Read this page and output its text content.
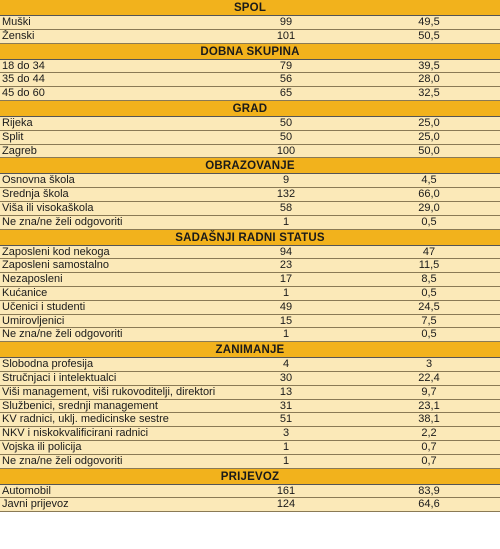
SPOL
Muški	99	49,5
Ženski	101	50,5
DOBNA SKUPINA
18 do 34	79	39,5
35 do 44	56	28,0
45 do 60	65	32,5
GRAD
Rijeka	50	25,0
Split	50	25,0
Zagreb	100	50,0
OBRAZOVANJE
Osnovna škola	9	4,5
Srednja škola	132	66,0
Viša ili visokaškola	58	29,0
Ne zna/ne želi odgovoriti	1	0,5
SADAŠNJI RADNI STATUS
Zaposleni kod nekoga	94	47
Zaposleni samostalno	23	11,5
Nezaposleni	17	8,5
Kućanice	1	0,5
Učenici i studenti	49	24,5
Umirovljenici	15	7,5
Ne zna/ne želi odgovoriti	1	0,5
ZANIMANJE
Slobodna profesija	4	3
Stručnjaci i intelektualci	30	22,4
Viši management, viši rukovoditelji, direktori	13	9,7
Službenici, srednji management	31	23,1
KV radnici, uklj. medicinske sestre	51	38,1
NKV i niskokvalificirani radnici	3	2,2
Vojska ili policija	1	0,7
Ne zna/ne želi odgovoriti	1	0,7
PRIJEVOZ
Automobil	161	83,9
Javni prijevoz	124	64,6
